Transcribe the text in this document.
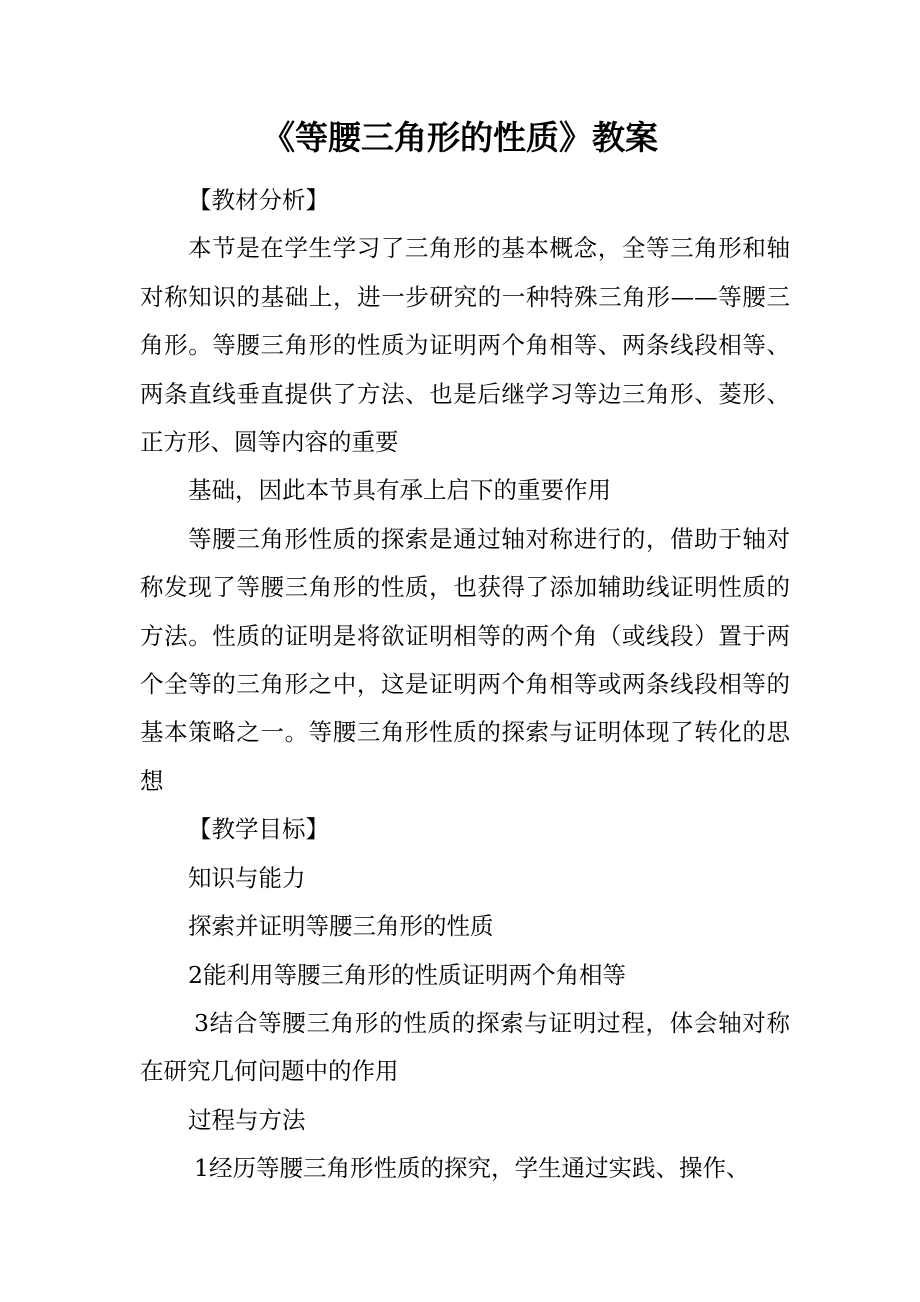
《等腰三角形的性质》教案

【教材分析】

本节是在学生学习了三角形的基本概念，全等三角形和轴对称知识的基础上，进一步研究的一种特殊三角形——等腰三角形。等腰三角形的性质为证明两个角相等、两条线段相等、两条直线垂直提供了方法、也是后继学习等边三角形、菱形、正方形、圆等内容的重要

基础，因此本节具有承上启下的重要作用

等腰三角形性质的探索是通过轴对称进行的，借助于轴对称发现了等腰三角形的性质，也获得了添加辅助线证明性质的方法。性质的证明是将欲证明相等的两个角（或线段）置于两个全等的三角形之中，这是证明两个角相等或两条线段相等的基本策略之一。等腰三角形性质的探索与证明体现了转化的思想

【教学目标】

知识与能力

探索并证明等腰三角形的性质

2能利用等腰三角形的性质证明两个角相等

3结合等腰三角形的性质的探索与证明过程，体会轴对称在研究几何问题中的作用

过程与方法

1经历等腰三角形性质的探究，学生通过实践、操作、
